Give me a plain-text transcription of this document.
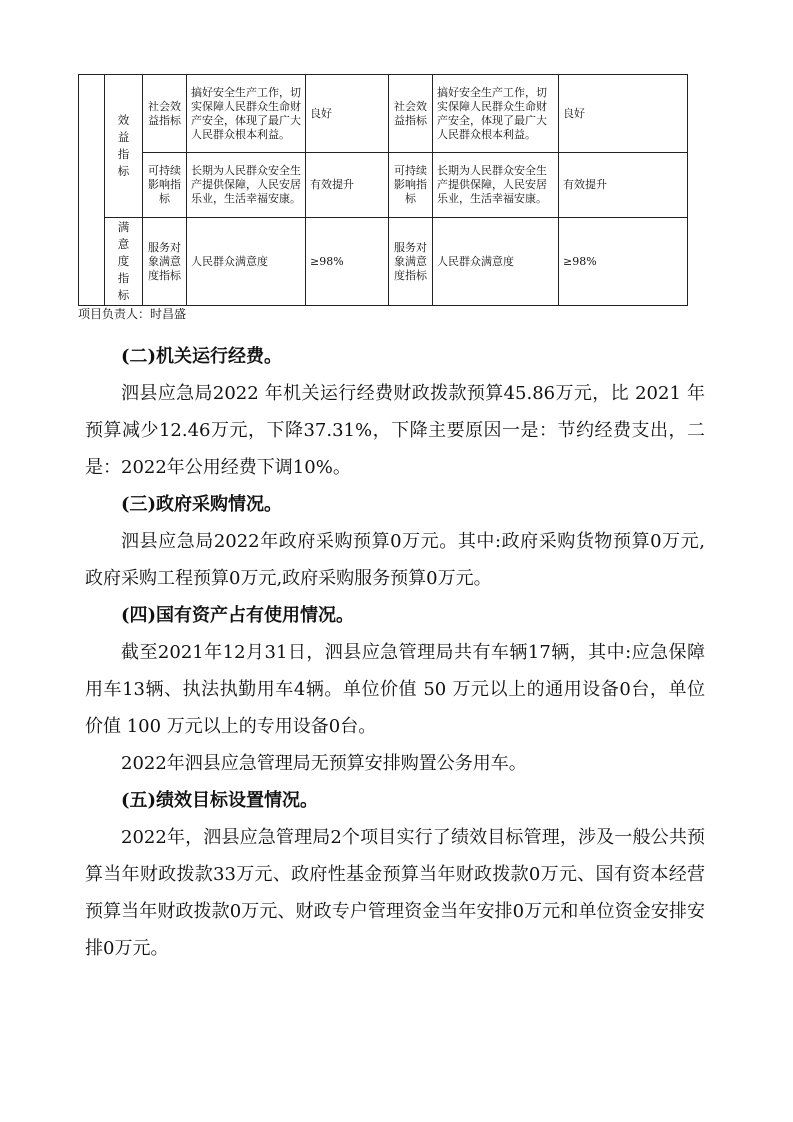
	效益指标	社会效益指标	搞好安全生产工作，切实保障人民群众生命财产安全，体现了最广大人民群众根本利益。	良好	社会效益指标	搞好安全生产工作，切实保障人民群众生命财产安全，体现了最广大人民群众根本利益。	良好
		可持续影响指标	长期为人民群众安全生产提供保障，人民安居乐业，生活幸福安康。	有效提升	可持续影响指标	长期为人民群众安全生产提供保障，人民安居乐业，生活幸福安康。	有效提升
	满意度指标	服务对象满意度指标	人民群众满意度	≥98%	服务对象满意度指标	人民群众满意度	≥98%
项目负责人：时昌盛

(二)机关运行经费。

泗县应急局2022 年机关运行经费财政拨款预算45.86万元，比 2021 年预算减少12.46万元，下降37.31%，下降主要原因一是：节约经费支出，二是：2022年公用经费下调10%。

(三)政府采购情况。

泗县应急局2022年政府采购预算0万元。其中:政府采购货物预算0万元,政府采购工程预算0万元,政府采购服务预算0万元。

(四)国有资产占有使用情况。

截至2021年12月31日，泗县应急管理局共有车辆17辆，其中:应急保障用车13辆、执法执勤用车4辆。单位价值 50 万元以上的通用设备0台，单位价值 100 万元以上的专用设备0台。

2022年泗县应急管理局无预算安排购置公务用车。

(五)绩效目标设置情况。

2022年，泗县应急管理局2个项目实行了绩效目标管理，涉及一般公共预算当年财政拨款33万元、政府性基金预算当年财政拨款0万元、国有资本经营预算当年财政拨款0万元、财政专户管理资金当年安排0万元和单位资金安排安排0万元。
